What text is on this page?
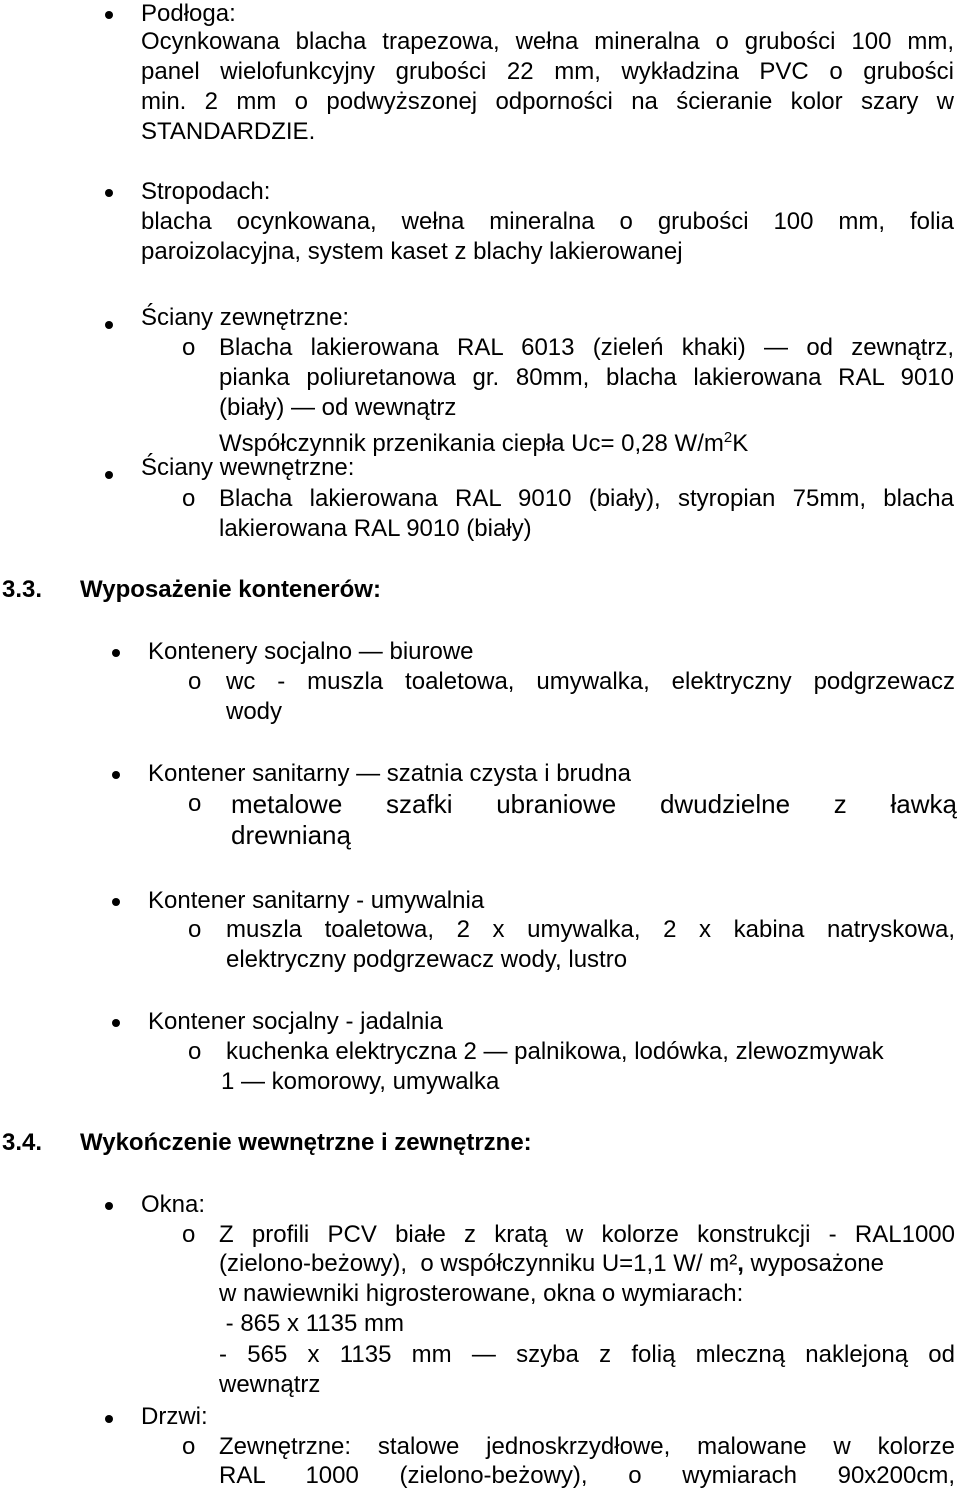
Podłoga:
Ocynkowana blacha trapezowa, wełna mineralna o grubości 100 mm,
panel wielofunkcyjny grubości 22 mm, wykładzina PVC o grubości
min. 2 mm o podwyższonej odporności na ścieranie kolor szary w
STANDARDZIE.
Stropodach:
blacha ocynkowana, wełna mineralna o grubości 100 mm, folia
paroizolacyjna, system kaset z blachy lakierowanej
Ściany zewnętrzne:
o Blacha lakierowana RAL 6013 (zieleń khaki) — od zewnątrz,
pianka poliuretanowa gr. 80mm, blacha lakierowana RAL 9010
(biały) — od wewnątrz
Współczynnik przenikania ciepła Uc= 0,28 $W/m^2K$
Ściany wewnętrzne:
o Blacha lakierowana RAL 9010 (biały), styropian 75mm, blacha
lakierowana RAL 9010 (biały)
3.3. Wyposażenie kontenerów:
Kontenery socjalno — biurowe
o wc - muszla toaletowa, umywalka, elektryczny podgrzewacz
wody
Kontener sanitarny — szatnia czysta i brudna
o metalowe szafki ubraniowe dwudzielne z ławką
drewnianą
Kontener sanitarny - umywalnia
o muszla toaletowa, 2 x umywalka, 2 x kabina natryskowa,
elektryczny podgrzewacz wody, lustro
Kontener socjalny - jadalnia
o kuchenka elektryczna 2 — palnikowa, lodówka, zlewozmywak
1 — komorowy, umywalka
3.4. Wykończenie wewnętrzne i zewnętrzne:
Okna:
o Z profili PCV białe z kratą w kolorze konstrukcji - RAL1000
(zielono-beżowy),  o współczynniku U=1,1 W/ m², wyposażone
w nawiewniki higrosterowane, okna o wymiarach:
- 865 x 1135 mm
- 565 x 1135 mm — szyba z folią mleczną naklejoną od
wewnątrz
Drzwi:
o Zewnętrzne: stalowe jednoskrzydłowe, malowane w kolorze
RAL 1000 (zielono-beżowy), o wymiarach 90x200cm,
